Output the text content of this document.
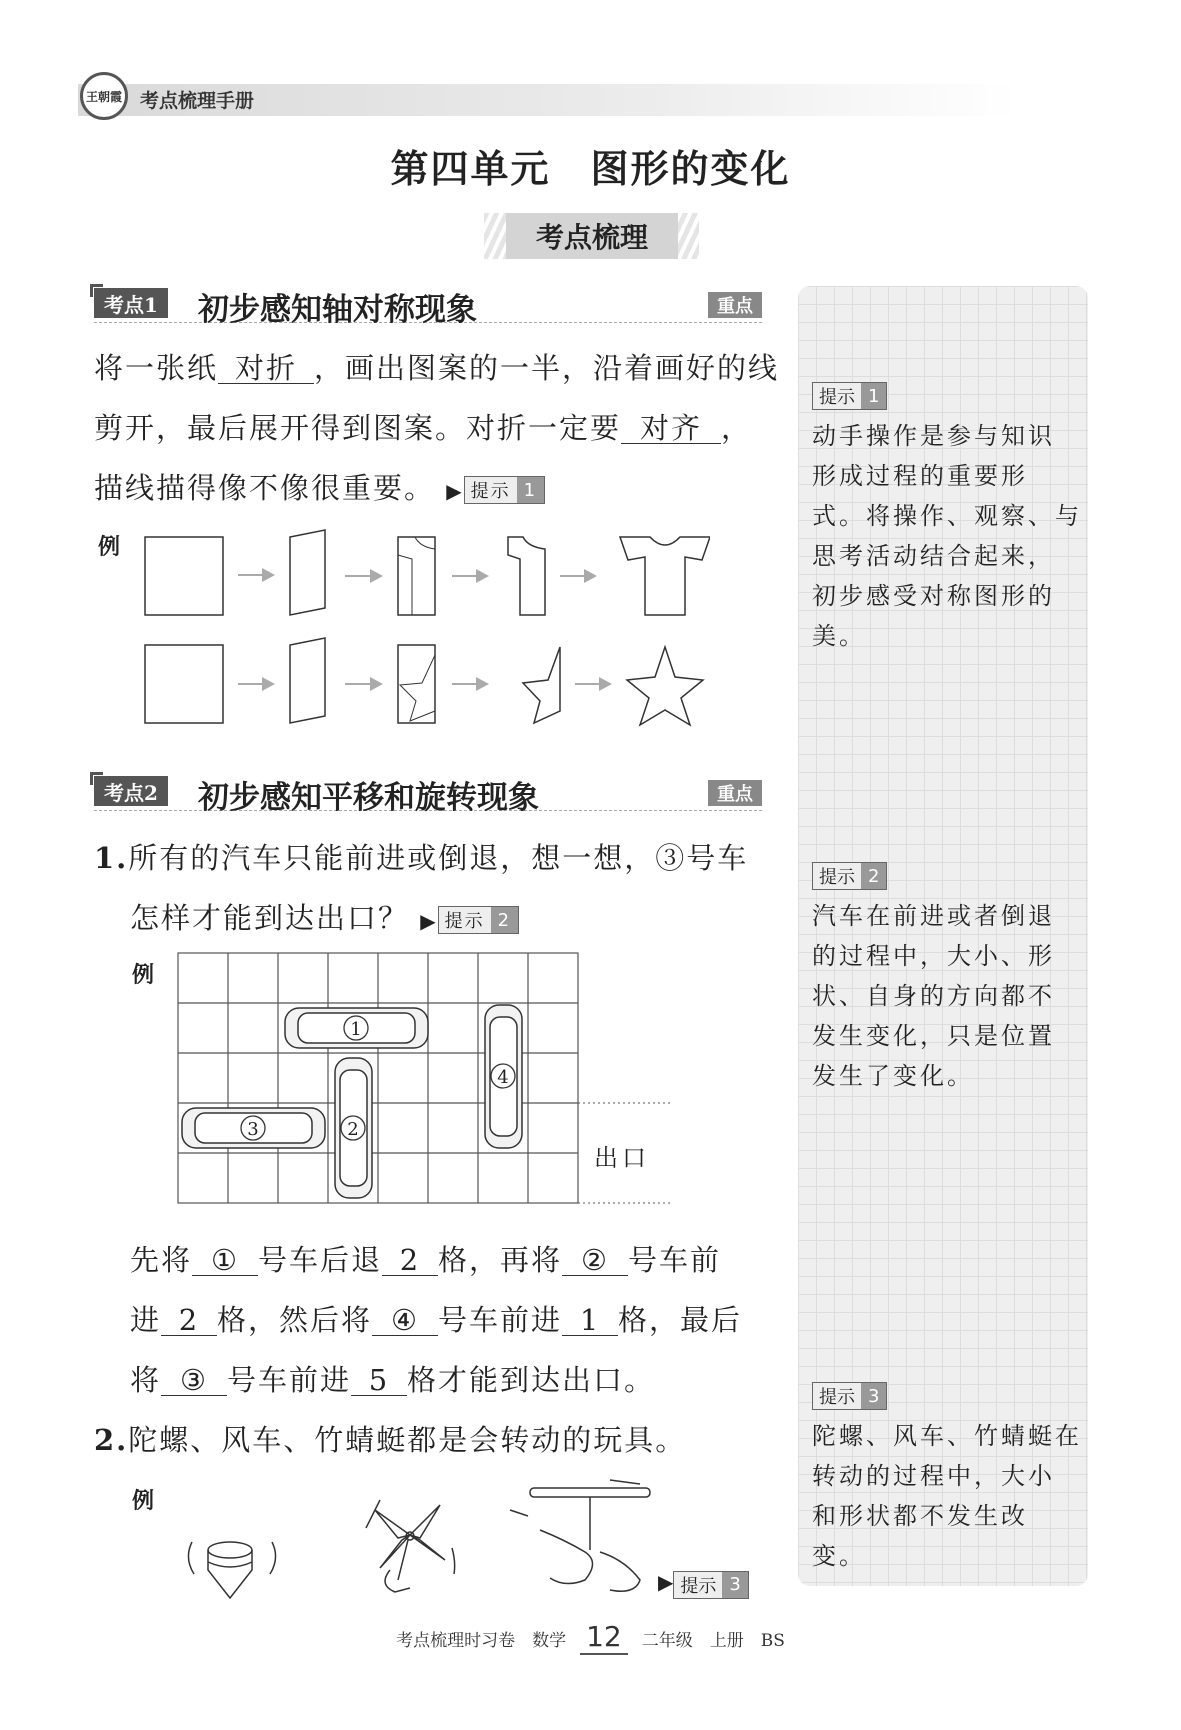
王朝霞 考点梳理手册
第四单元　图形的变化
考点梳理
考点1	初步感知轴对称现象	重点
将一张纸 对折 ，画出图案的一半，沿着画好的线
剪开，最后展开得到图案。对折一定要 对齐 ，
描线描得像不像很重要。 ▶ 提示 1
例
考点2	初步感知平移和旋转现象	重点
1.所有的汽车只能前进或倒退，想一想，③号车
怎样才能到达出口？ ▶ 提示 2
例
1
2
3
4
出口
先将 ① 号车后退 2 格，再将 ② 号车前
进 2 格，然后将 ④ 号车前进 1 格，最后
将 ③ 号车前进 5 格才能到达出口。
2.陀螺、风车、竹蜻蜓都是会转动的玩具。
例
▶ 提示 3
提示 1
动手操作是参与知识
形成过程的重要形
式。将操作、观察、与
思考活动结合起来，
初步感受对称图形的
美。
提示 2
汽车在前进或者倒退
的过程中，大小、形
状、自身的方向都不
发生变化，只是位置
发生了变化。
提示 3
陀螺、风车、竹蜻蜓在
转动的过程中，大小
和形状都不发生改
变。
考点梳理时习卷　数学 12 二年级　上册　BS
